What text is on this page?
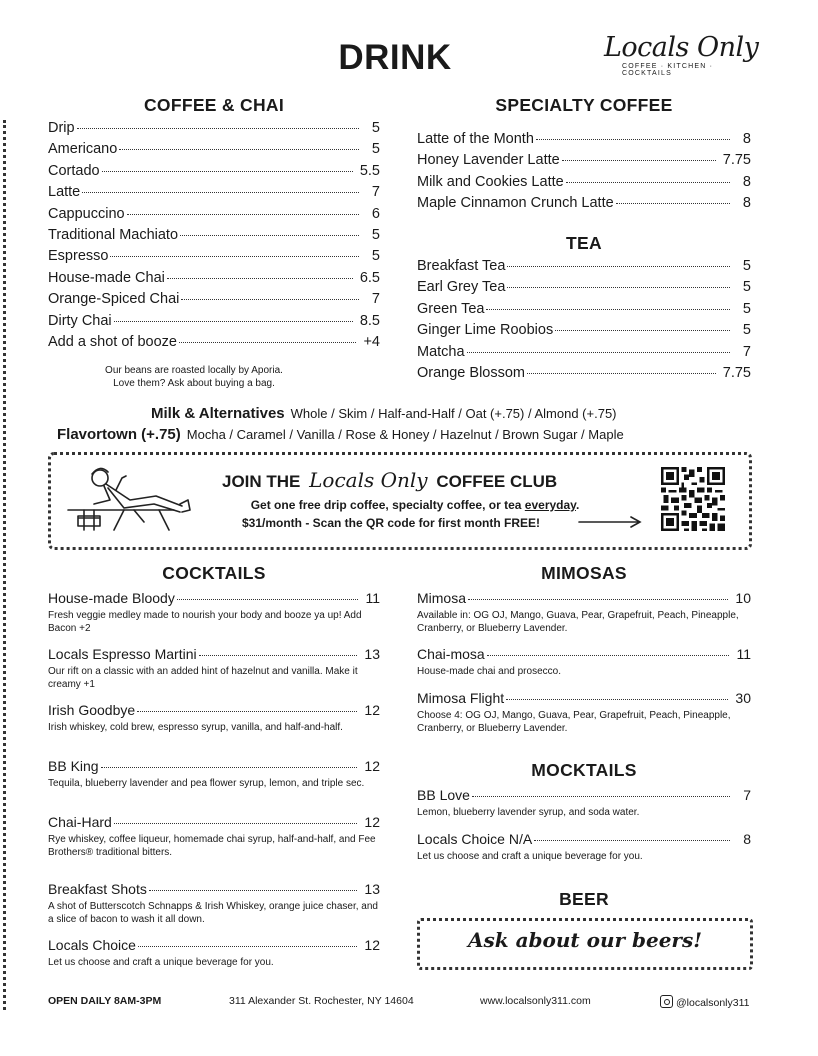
DRINK	Locals Only
COFFEE · KITCHEN · COCKTAILS
COFFEE & CHAI
Drip	5
Americano	5
Cortado	5.5
Latte	7
Cappuccino	6
Traditional Machiato	5
Espresso	5
House-made Chai	6.5
Orange-Spiced Chai	7
Dirty Chai	8.5
Add a shot of booze	+4
Our beans are roasted locally by Aporia.
Love them? Ask about buying a bag.
SPECIALTY COFFEE
Latte of the Month	8
Honey Lavender Latte	7.75
Milk and Cookies Latte	8
Maple Cinnamon Crunch Latte	8
TEA
Breakfast Tea	5
Earl Grey Tea	5
Green Tea	5
Ginger Lime Roobios	5
Matcha	7
Orange Blossom	7.75
Milk & Alternatives Whole / Skim / Half-and-Half / Oat (+.75) / Almond (+.75)
Flavortown (+.75) Mocha / Caramel / Vanilla / Rose & Honey / Hazelnut / Brown Sugar / Maple
JOIN THE Locals Only COFFEE CLUB
Get one free drip coffee, specialty coffee, or tea everyday.
$31/month - Scan the QR code for first month FREE!
COCKTAILS
House-made Bloody	11
Fresh veggie medley made to nourish your body and booze ya up! Add Bacon +2
Locals Espresso Martini	13
Our rift on a classic with an added hint of hazelnut and vanilla. Make it creamy +1
Irish Goodbye	12
Irish whiskey, cold brew, espresso syrup, vanilla, and half-and-half.
BB King	12
Tequila, blueberry lavender and pea flower syrup, lemon, and triple sec.
Chai-Hard	12
Rye whiskey, coffee liqueur, homemade chai syrup, half-and-half, and Fee Brothers® traditional bitters.
Breakfast Shots	13
A shot of Butterscotch Schnapps & Irish Whiskey, orange juice chaser, and a slice of bacon to wash it all down.
Locals Choice	12
Let us choose and craft a unique beverage for you.
MIMOSAS
Mimosa	10
Available in: OG OJ, Mango, Guava, Pear, Grapefruit, Peach, Pineapple, Cranberry, or Blueberry Lavender.
Chai-mosa	11
House-made chai and prosecco.
Mimosa Flight	30
Choose 4: OG OJ, Mango, Guava, Pear, Grapefruit, Peach, Pineapple, Cranberry, or Blueberry Lavender.
MOCKTAILS
BB Love	7
Lemon, blueberry lavender syrup, and soda water.
Locals Choice N/A	8
Let us choose and craft a unique beverage for you.
BEER
Ask about our beers!
OPEN DAILY 8AM-3PM	311 Alexander St. Rochester, NY 14604	www.localsonly311.com	@localsonly311
